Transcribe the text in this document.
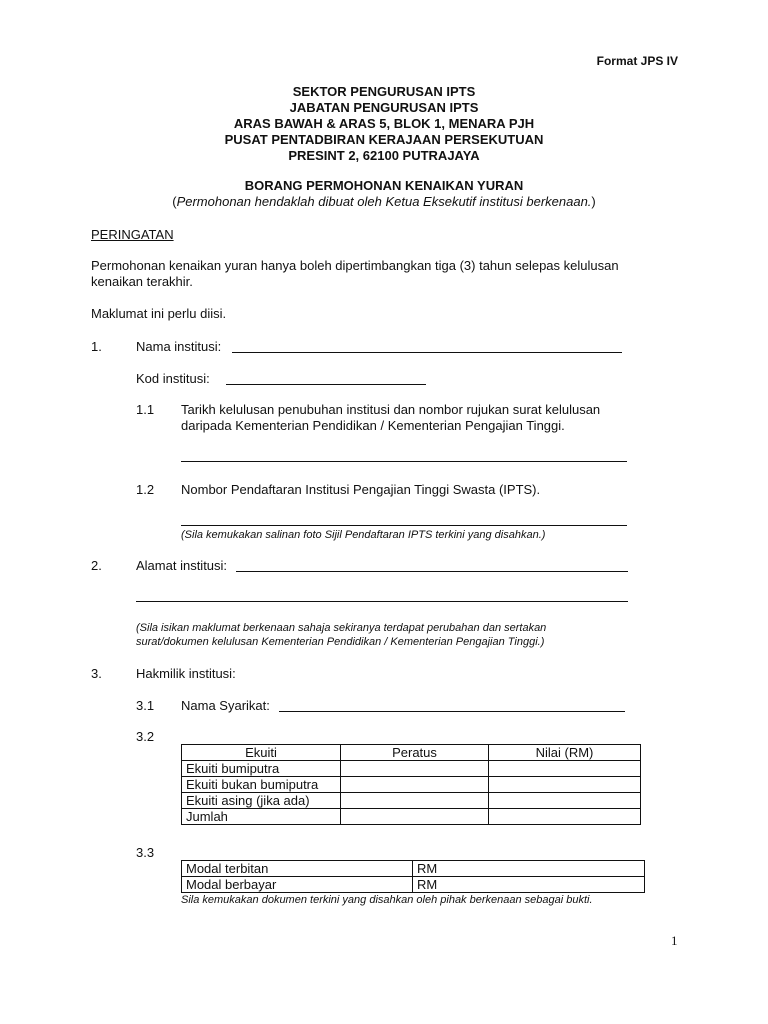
Format JPS IV
SEKTOR PENGURUSAN IPTS
JABATAN PENGURUSAN IPTS
ARAS BAWAH & ARAS 5, BLOK 1, MENARA PJH
PUSAT PENTADBIRAN KERAJAAN PERSEKUTUAN
PRESINT 2, 62100 PUTRAJAYA
BORANG PERMOHONAN KENAIKAN YURAN
(Permohonan hendaklah dibuat oleh Ketua Eksekutif institusi berkenaan.)
PERINGATAN
Permohonan kenaikan yuran hanya boleh dipertimbangkan tiga (3) tahun selepas kelulusan
kenaikan terakhir.
Maklumat ini perlu diisi.
1.	Nama institusi:
Kod institusi:
1.1 Tarikh kelulusan penubuhan institusi dan nombor rujukan surat kelulusan
daripada Kementerian Pendidikan / Kementerian Pengajian Tinggi.
1.2 Nombor Pendaftaran Institusi Pengajian Tinggi Swasta (IPTS).
(Sila kemukakan salinan foto Sijil Pendaftaran IPTS terkini yang disahkan.)
2.	Alamat institusi:
(Sila isikan maklumat berkenaan sahaja sekiranya terdapat perubahan dan sertakan
surat/dokumen kelulusan Kementerian Pendidikan / Kementerian Pengajian Tinggi.)
3.	Hakmilik institusi:
3.1 Nama Syarikat:
3.2
Ekuiti	Peratus	Nilai (RM)
Ekuiti bumiputra		
Ekuiti bukan bumiputra		
Ekuiti asing (jika ada)		
Jumlah		
3.3
Modal terbitan	RM
Modal berbayar	RM
Sila kemukakan dokumen terkini yang disahkan oleh pihak berkenaan sebagai bukti.
1
